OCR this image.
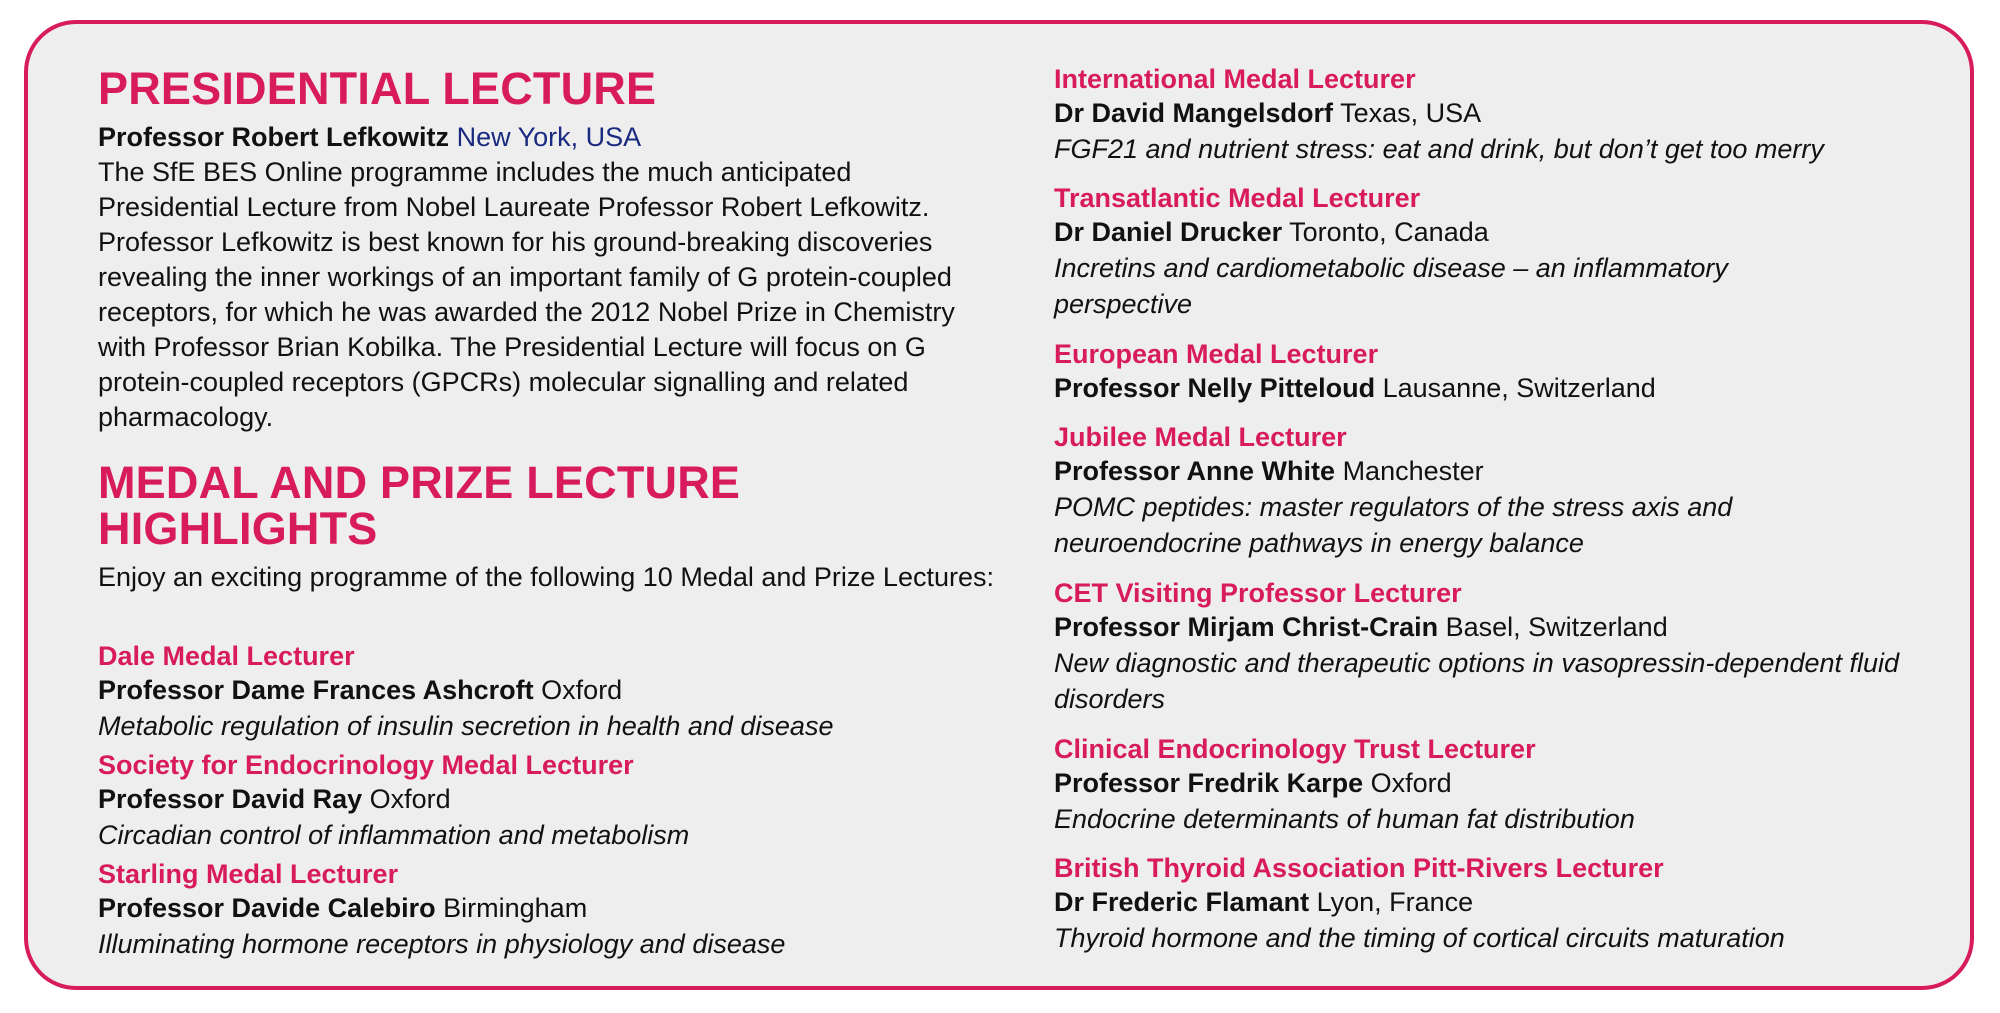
PRESIDENTIAL LECTURE
Professor Robert Lefkowitz New York, USA
The SfE BES Online programme includes the much anticipated Presidential Lecture from Nobel Laureate Professor Robert Lefkowitz. Professor Lefkowitz is best known for his ground-breaking discoveries revealing the inner workings of an important family of G protein-coupled receptors, for which he was awarded the 2012 Nobel Prize in Chemistry with Professor Brian Kobilka. The Presidential Lecture will focus on G protein-coupled receptors (GPCRs) molecular signalling and related pharmacology.
MEDAL AND PRIZE LECTURE
HIGHLIGHTS
Enjoy an exciting programme of the following 10 Medal and Prize Lectures:
Dale Medal Lecturer
Professor Dame Frances Ashcroft Oxford
Metabolic regulation of insulin secretion in health and disease
Society for Endocrinology Medal Lecturer
Professor David Ray Oxford
Circadian control of inflammation and metabolism
Starling Medal Lecturer
Professor Davide Calebiro Birmingham
Illuminating hormone receptors in physiology and disease
International Medal Lecturer
Dr David Mangelsdorf Texas, USA
FGF21 and nutrient stress: eat and drink, but don’t get too merry
Transatlantic Medal Lecturer
Dr Daniel Drucker Toronto, Canada
Incretins and cardiometabolic disease – an inflammatory perspective
European Medal Lecturer
Professor Nelly Pitteloud Lausanne, Switzerland
Jubilee Medal Lecturer
Professor Anne White Manchester
POMC peptides: master regulators of the stress axis and neuroendocrine pathways in energy balance
CET Visiting Professor Lecturer
Professor Mirjam Christ-Crain Basel, Switzerland
New diagnostic and therapeutic options in vasopressin-dependent fluid disorders
Clinical Endocrinology Trust Lecturer
Professor Fredrik Karpe Oxford
Endocrine determinants of human fat distribution
British Thyroid Association Pitt-Rivers Lecturer
Dr Frederic Flamant Lyon, France
Thyroid hormone and the timing of cortical circuits maturation
